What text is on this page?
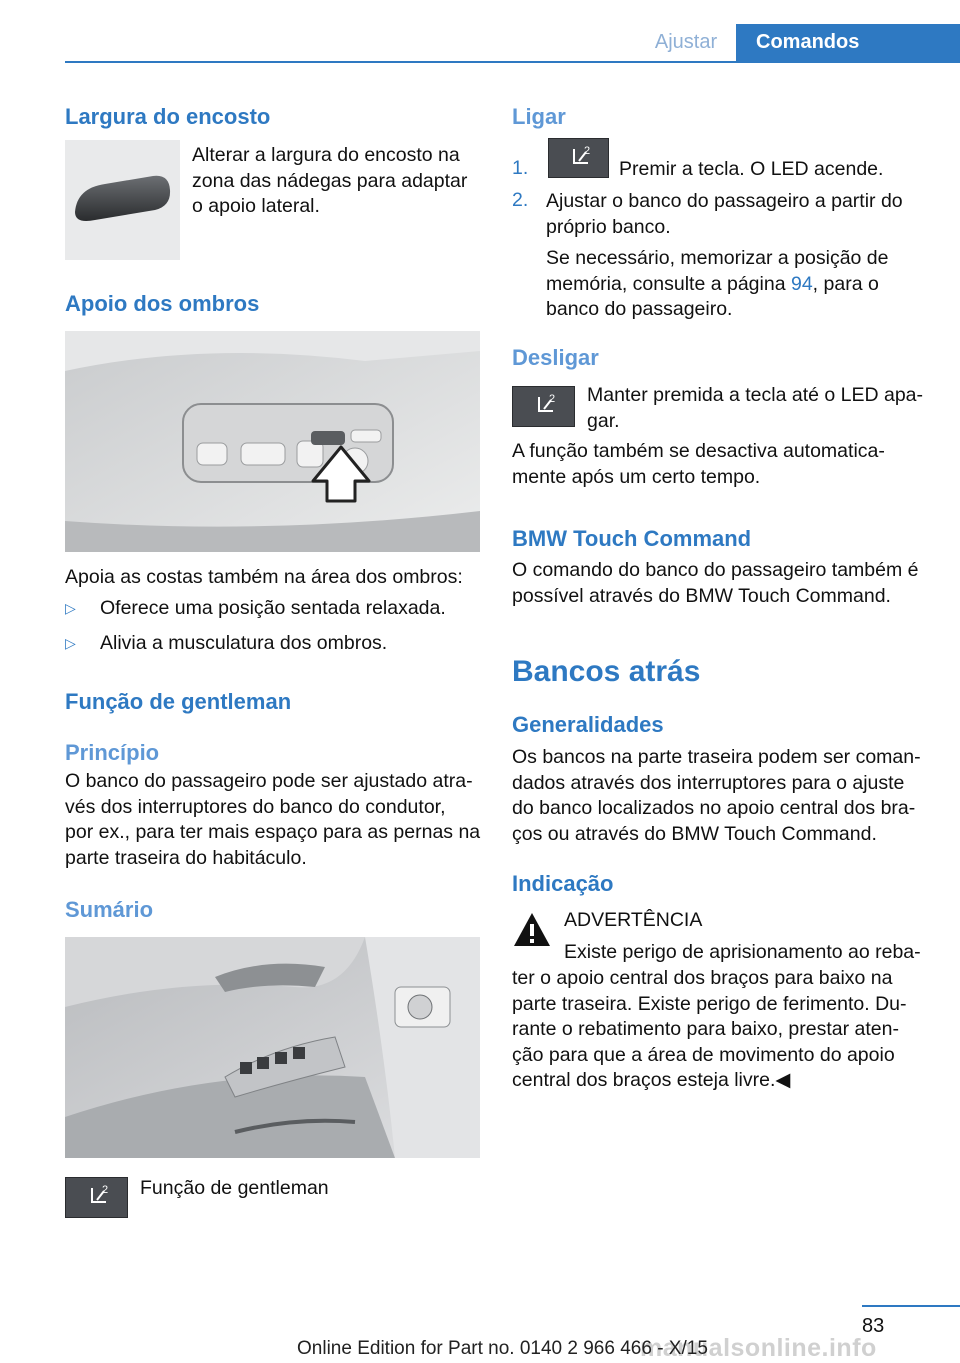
Ajustar	Comandos
Largura do encosto
Alterar a largura do encosto na
zona das nádegas para adaptar
o apoio lateral.
Apoio dos ombros
Apoia as costas também na área dos ombros:
▷ Oferece uma posição sentada relaxada.
▷ Alivia a musculatura dos ombros.
Função de gentleman
Princípio
O banco do passageiro pode ser ajustado atra‐
vés dos interruptores do banco do condutor,
por ex., para ter mais espaço para as pernas na
parte traseira do habitáculo.
Sumário
2 Função de gentleman
Ligar
1.
2
Premir a tecla. O LED acende.
2. Ajustar o banco do passageiro a partir do
próprio banco.
Se necessário, memorizar a posição de
memória, consulte a página 94, para o
banco do passageiro.
Desligar
2 Manter premida a tecla até o LED apa‐
gar.
A função também se desactiva automatica‐
mente após um certo tempo.
BMW Touch Command
O comando do banco do passageiro também é
possível através do BMW Touch Command.
Bancos atrás
Generalidades
Os bancos na parte traseira podem ser coman‐
dados através dos interruptores para o ajuste
do banco localizados no apoio central dos bra‐
ços ou através do BMW Touch Command.
Indicação
ADVERTÊNCIA
Existe perigo de aprisionamento ao reba‐
ter o apoio central dos braços para baixo na
parte traseira. Existe perigo de ferimento. Du‐
rante o rebatimento para baixo, prestar aten‐
ção para que a área de movimento do apoio
central dos braços esteja livre.◀
83
manualsonline.info
Online Edition for Part no. 0140 2 966 466 - X/15
